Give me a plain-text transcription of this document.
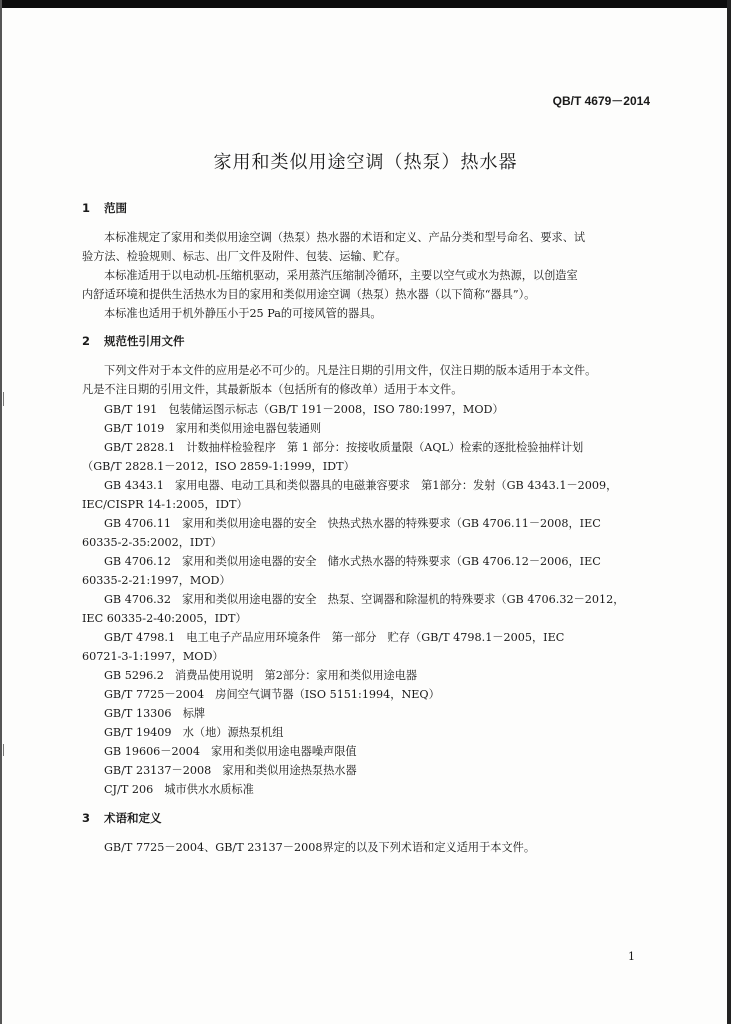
QB/T 4679－2014
家用和类似用途空调（热泵）热水器
1 范围
本标准规定了家用和类似用途空调（热泵）热水器的术语和定义、产品分类和型号命名、要求、试
验方法、检验规则、标志、出厂文件及附件、包装、运输、贮存。
本标准适用于以电动机-压缩机驱动，采用蒸汽压缩制冷循环，主要以空气或水为热源，以创造室
内舒适环境和提供生活热水为目的家用和类似用途空调（热泵）热水器（以下简称“器具”）。
本标准也适用于机外静压小于25 Pa的可接风管的器具。
2 规范性引用文件
下列文件对于本文件的应用是必不可少的。凡是注日期的引用文件，仅注日期的版本适用于本文件。
凡是不注日期的引用文件，其最新版本（包括所有的修改单）适用于本文件。
GB/T 191　包装储运图示标志（GB/T 191－2008，ISO 780:1997，MOD）
GB/T 1019　家用和类似用途电器包装通则
GB/T 2828.1　计数抽样检验程序　第 1 部分：按接收质量限（AQL）检索的逐批检验抽样计划
（GB/T 2828.1－2012，ISO 2859-1:1999，IDT）
GB 4343.1　家用电器、电动工具和类似器具的电磁兼容要求　第1部分：发射（GB 4343.1－2009，
IEC/CISPR 14-1:2005，IDT）
GB 4706.11　家用和类似用途电器的安全　快热式热水器的特殊要求（GB 4706.11－2008，IEC
60335-2-35:2002，IDT）
GB 4706.12　家用和类似用途电器的安全　储水式热水器的特殊要求（GB 4706.12－2006，IEC
60335-2-21:1997，MOD）
GB 4706.32　家用和类似用途电器的安全　热泵、空调器和除湿机的特殊要求（GB 4706.32－2012，
IEC 60335-2-40:2005，IDT）
GB/T 4798.1　电工电子产品应用环境条件　第一部分　贮存（GB/T 4798.1－2005，IEC
60721-3-1:1997，MOD）
GB 5296.2　消费品使用说明　第2部分：家用和类似用途电器
GB/T 7725－2004　房间空气调节器（ISO 5151:1994，NEQ）
GB/T 13306　标牌
GB/T 19409　水（地）源热泵机组
GB 19606－2004　家用和类似用途电器噪声限值
GB/T 23137－2008　家用和类似用途热泵热水器
CJ/T 206　城市供水水质标准
3 术语和定义
GB/T 7725－2004、GB/T 23137－2008界定的以及下列术语和定义适用于本文件。
1
